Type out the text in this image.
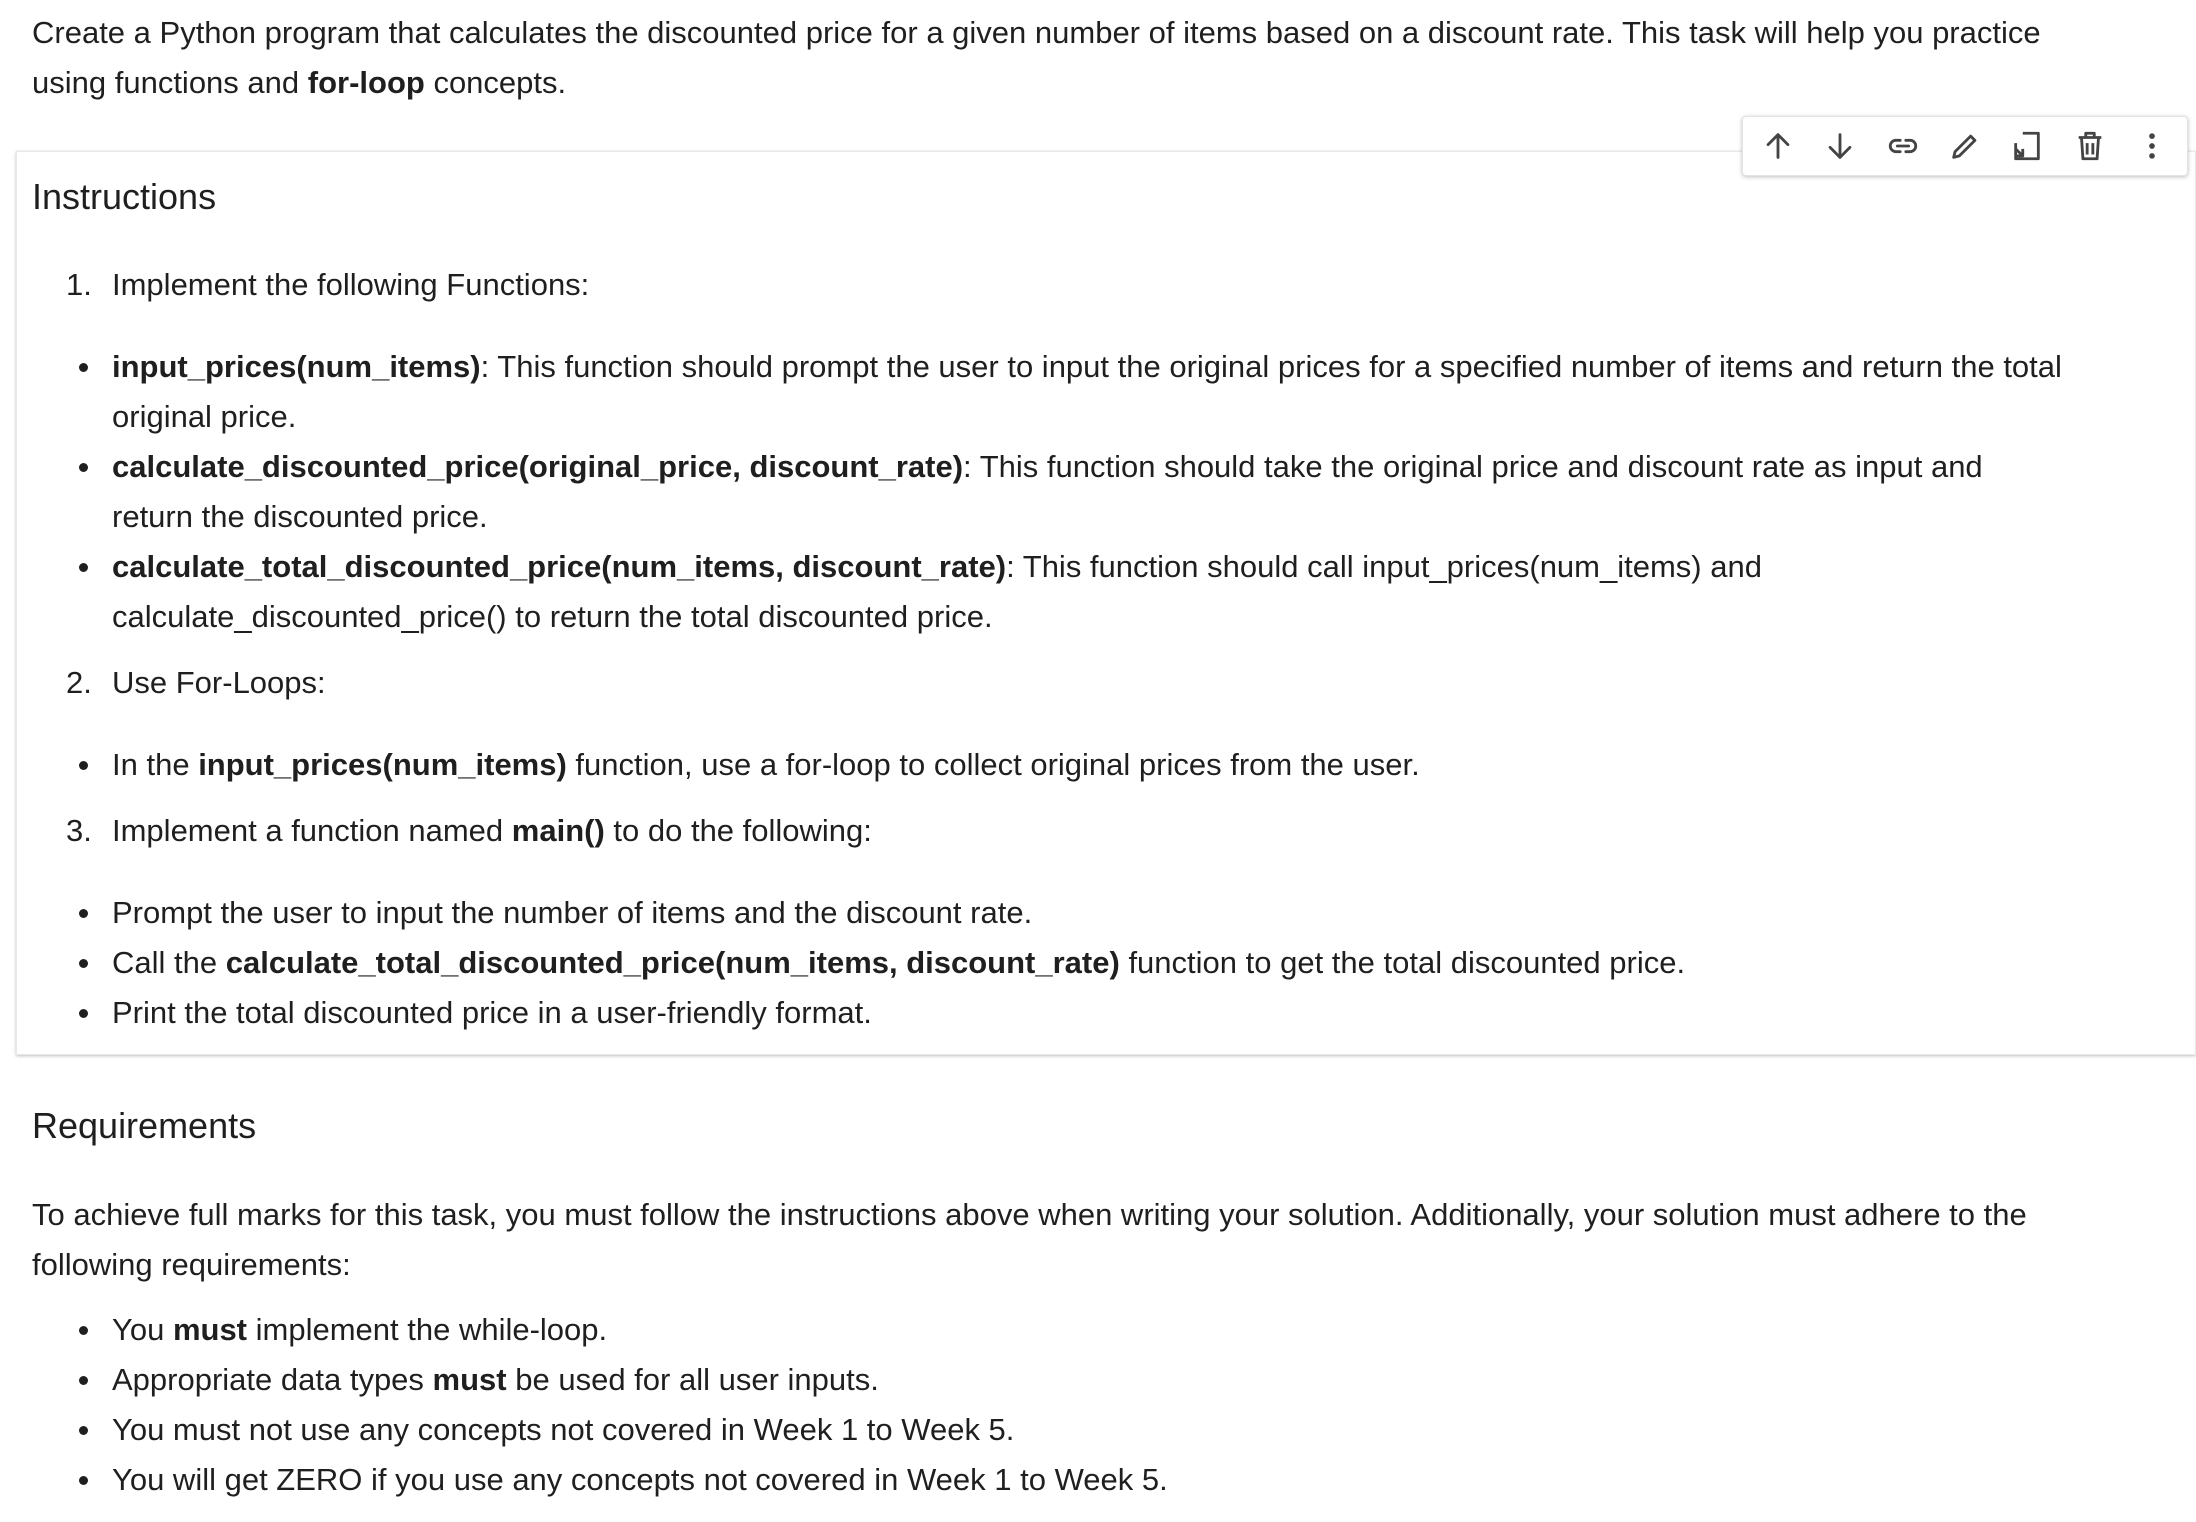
Create a Python program that calculates the discounted price for a given number of items based on a discount rate. This task will help you practice using functions and for-loop concepts.

Instructions

1. Implement the following Functions:

input_prices(num_items): This function should prompt the user to input the original prices for a specified number of items and return the total original price.
calculate_discounted_price(original_price, discount_rate): This function should take the original price and discount rate as input and return the discounted price.
calculate_total_discounted_price(num_items, discount_rate): This function should call input_prices(num_items) and calculate_discounted_price() to return the total discounted price.

2. Use For-Loops:

In the input_prices(num_items) function, use a for-loop to collect original prices from the user.

3. Implement a function named main() to do the following:

Prompt the user to input the number of items and the discount rate.
Call the calculate_total_discounted_price(num_items, discount_rate) function to get the total discounted price.
Print the total discounted price in a user-friendly format.
Requirements

To achieve full marks for this task, you must follow the instructions above when writing your solution. Additionally, your solution must adhere to the following requirements:

You must implement the while-loop.
Appropriate data types must be used for all user inputs.
You must not use any concepts not covered in Week 1 to Week 5.
You will get ZERO if you use any concepts not covered in Week 1 to Week 5.
